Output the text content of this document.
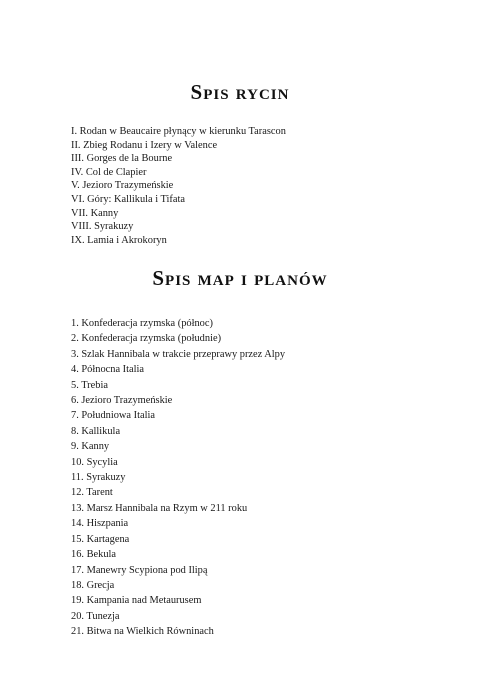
Spis rycin
I. Rodan w Beaucaire płynący w kierunku Tarascon
II. Zbieg Rodanu i Izery w Valence
III. Gorges de la Bourne
IV. Col de Clapier
V. Jezioro Trazymeńskie
VI. Góry: Kallikula i Tifata
VII. Kanny
VIII. Syrakuzy
IX. Lamia i Akrokoryn
Spis map i planów
1. Konfederacja rzymska (północ)
2. Konfederacja rzymska (południe)
3. Szlak Hannibala w trakcie przeprawy przez Alpy
4. Północna Italia
5. Trebia
6. Jezioro Trazymeńskie
7. Południowa Italia
8. Kallikula
9. Kanny
10. Sycylia
11. Syrakuzy
12. Tarent
13. Marsz Hannibala na Rzym w 211 roku
14. Hiszpania
15. Kartagena
16. Bekula
17. Manewry Scypiona pod Ilipą
18. Grecja
19. Kampania nad Metaurusem
20. Tunezja
21. Bitwa na Wielkich Równinach
